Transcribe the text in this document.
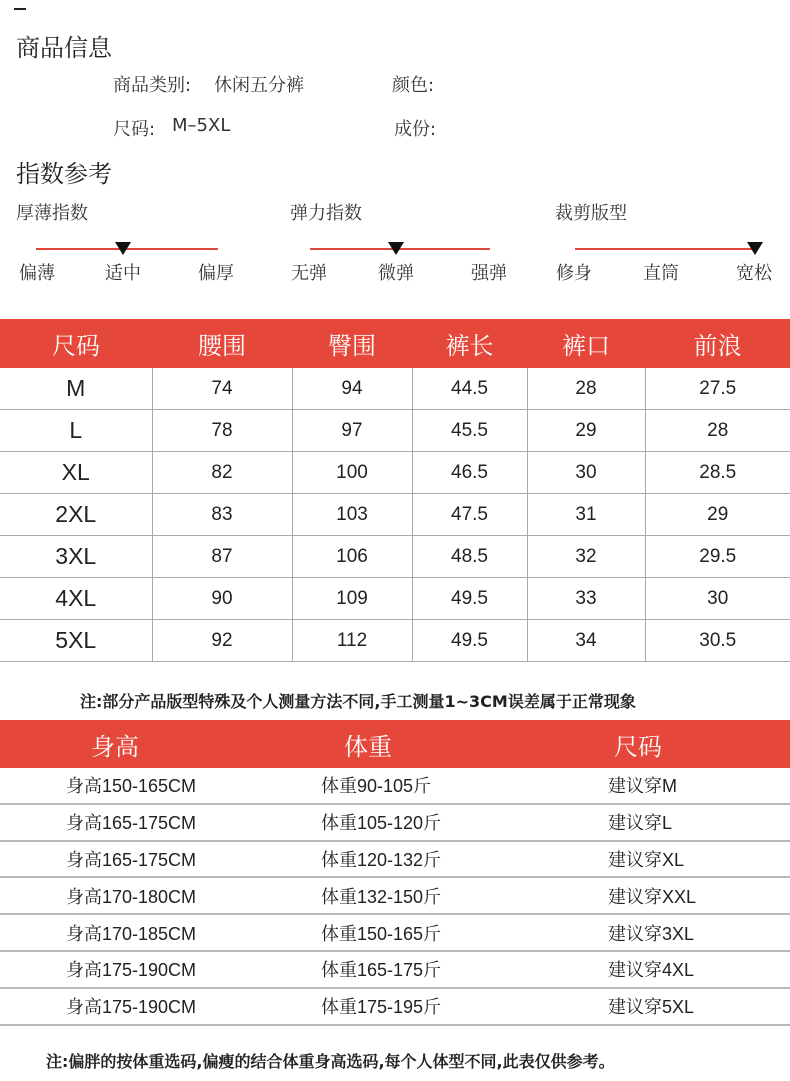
商品信息
商品类别: 休闲五分裤	颜色:
尺码: M–5XL	成份:
指数参考
厚薄指数
偏薄	适中	偏厚
弹力指数
无弹	微弹	强弹
裁剪版型
修身	直筒	宽松
尺码	腰围	臀围	裤长	裤口	前浪
M	74	94	44.5	28	27.5
L	78	97	45.5	29	28
XL	82	100	46.5	30	28.5
2XL	83	103	47.5	31	29
3XL	87	106	48.5	32	29.5
4XL	90	109	49.5	33	30
5XL	92	112	49.5	34	30.5
注:部分产品版型特殊及个人测量方法不同,手工测量1~3CM误差属于正常现象
身高	体重	尺码
身高150-165CM	体重90-105斤	建议穿M
身高165-175CM	体重105-120斤	建议穿L
身高165-175CM	体重120-132斤	建议穿XL
身高170-180CM	体重132-150斤	建议穿XXL
身高170-185CM	体重150-165斤	建议穿3XL
身高175-190CM	体重165-175斤	建议穿4XL
身高175-190CM	体重175-195斤	建议穿5XL
注:偏胖的按体重选码,偏瘦的结合体重身高选码,每个人体型不同,此表仅供参考。
